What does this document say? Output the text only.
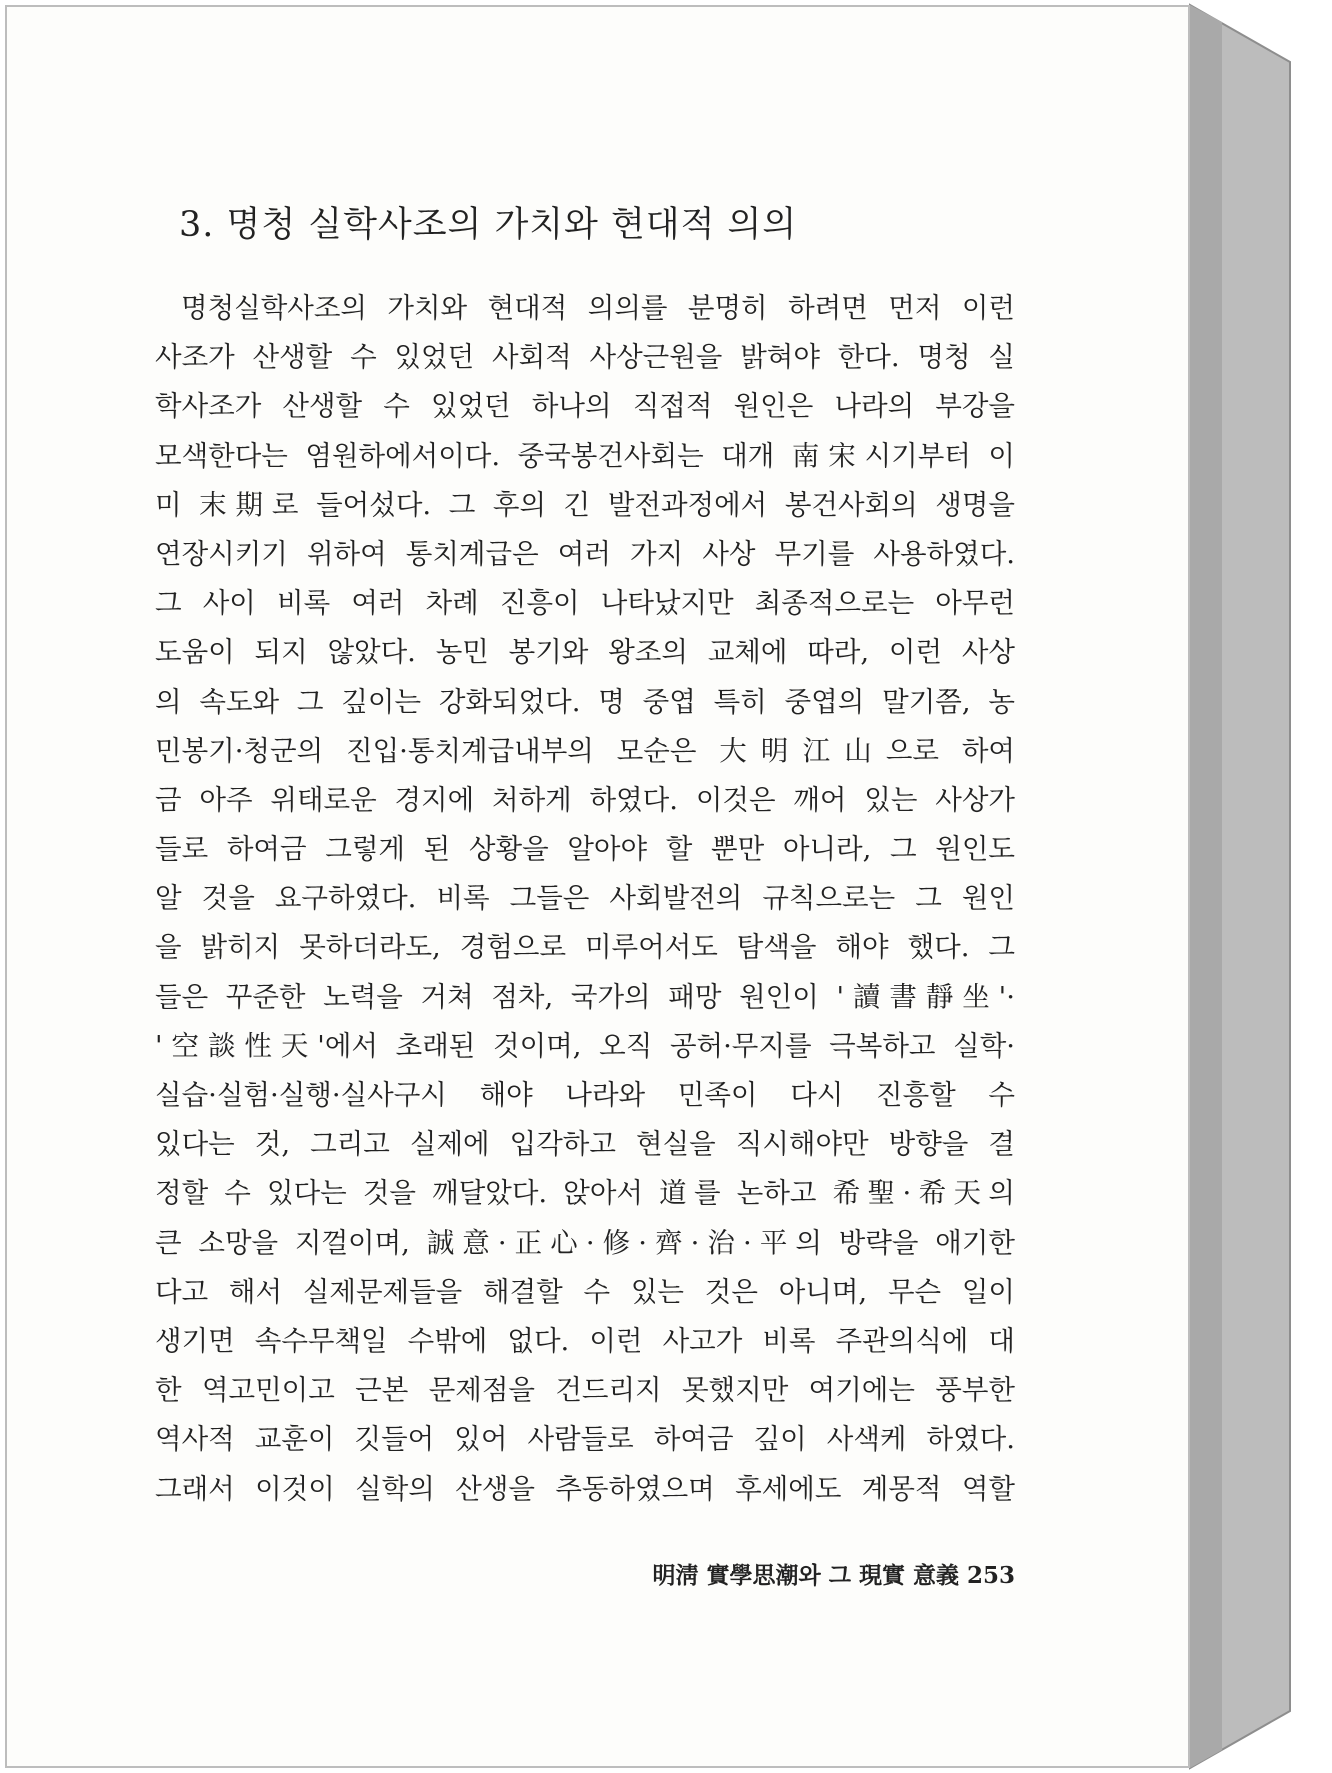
3. 명청 실학사조의 가치와 현대적 의의
명청실학사조의 가치와 현대적 의의를 분명히 하려면 먼저 이런
사조가 산생할 수 있었던 사회적 사상근원을 밝혀야 한다. 명청 실
학사조가 산생할 수 있었던 하나의 직접적 원인은 나라의 부강을
모색한다는 염원하에서이다. 중국봉건사회는 대개 南宋시기부터 이
미 末期로 들어섰다. 그 후의 긴 발전과정에서 봉건사회의 생명을
연장시키기 위하여 통치계급은 여러 가지 사상 무기를 사용하였다.
그 사이 비록 여러 차례 진흥이 나타났지만 최종적으로는 아무런
도움이 되지 않았다. 농민 봉기와 왕조의 교체에 따라, 이런 사상
의 속도와 그 깊이는 강화되었다. 명 중엽 특히 중엽의 말기쯤, 농
민봉기·청군의 진입·통치계급내부의 모순은 大明江山으로 하여
금 아주 위태로운 경지에 처하게 하였다. 이것은 깨어 있는 사상가
들로 하여금 그렇게 된 상황을 알아야 할 뿐만 아니라, 그 원인도
알 것을 요구하였다. 비록 그들은 사회발전의 규칙으로는 그 원인
을 밝히지 못하더라도, 경험으로 미루어서도 탐색을 해야 했다. 그
들은 꾸준한 노력을 거쳐 점차, 국가의 패망 원인이 '讀書靜坐'·
'空談性天'에서 초래된 것이며, 오직 공허·무지를 극복하고 실학·
실습·실험·실행·실사구시 해야 나라와 민족이 다시 진흥할 수
있다는 것, 그리고 실제에 입각하고 현실을 직시해야만 방향을 결
정할 수 있다는 것을 깨달았다. 앉아서 道를 논하고 希聖·希天의
큰 소망을 지껄이며, 誠意·正心·修·齊·治·平의 방략을 애기한
다고 해서 실제문제들을 해결할 수 있는 것은 아니며, 무슨 일이
생기면 속수무책일 수밖에 없다. 이런 사고가 비록 주관의식에 대
한 역고민이고 근본 문제점을 건드리지 못했지만 여기에는 풍부한
역사적 교훈이 깃들어 있어 사람들로 하여금 깊이 사색케 하였다.
그래서 이것이 실학의 산생을 추동하였으며 후세에도 계몽적 역할
明淸 實學思潮와 그 現實 意義 253
